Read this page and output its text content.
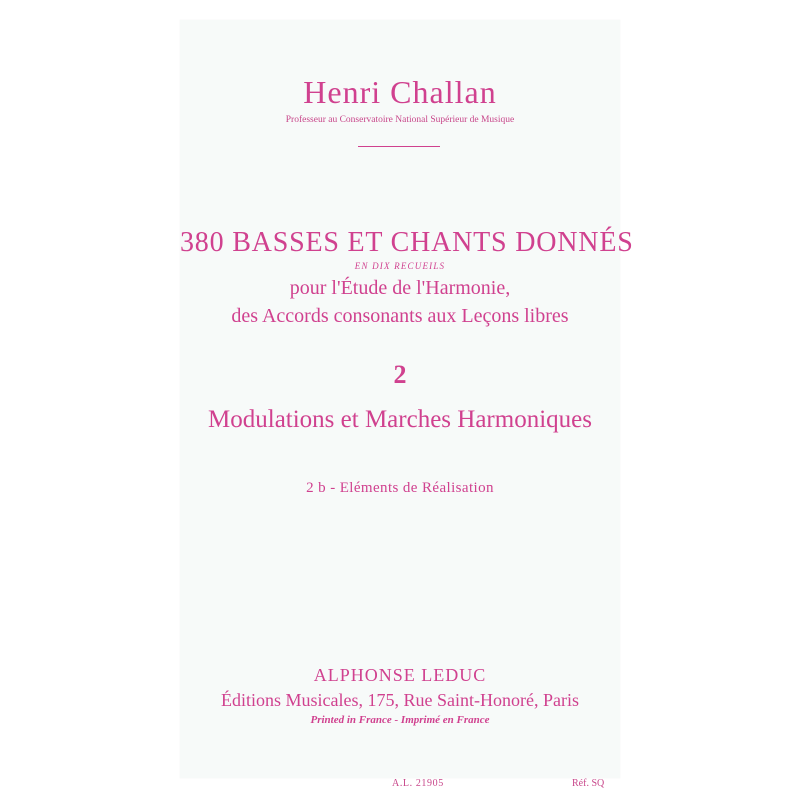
Henri Challan
Professeur au Conservatoire National Supérieur de Musique
380 BASSES ET CHANTS DONNÉS
EN DIX RECUEILS
pour l'Étude de l'Harmonie,
des Accords consonants aux Leçons libres
2
Modulations et Marches Harmoniques
2 b - Eléments de Réalisation
ALPHONSE LEDUC
Éditions Musicales, 175, Rue Saint-Honoré, Paris
Printed in France - Imprimé en France
A.L. 21905	Réf. SQ
